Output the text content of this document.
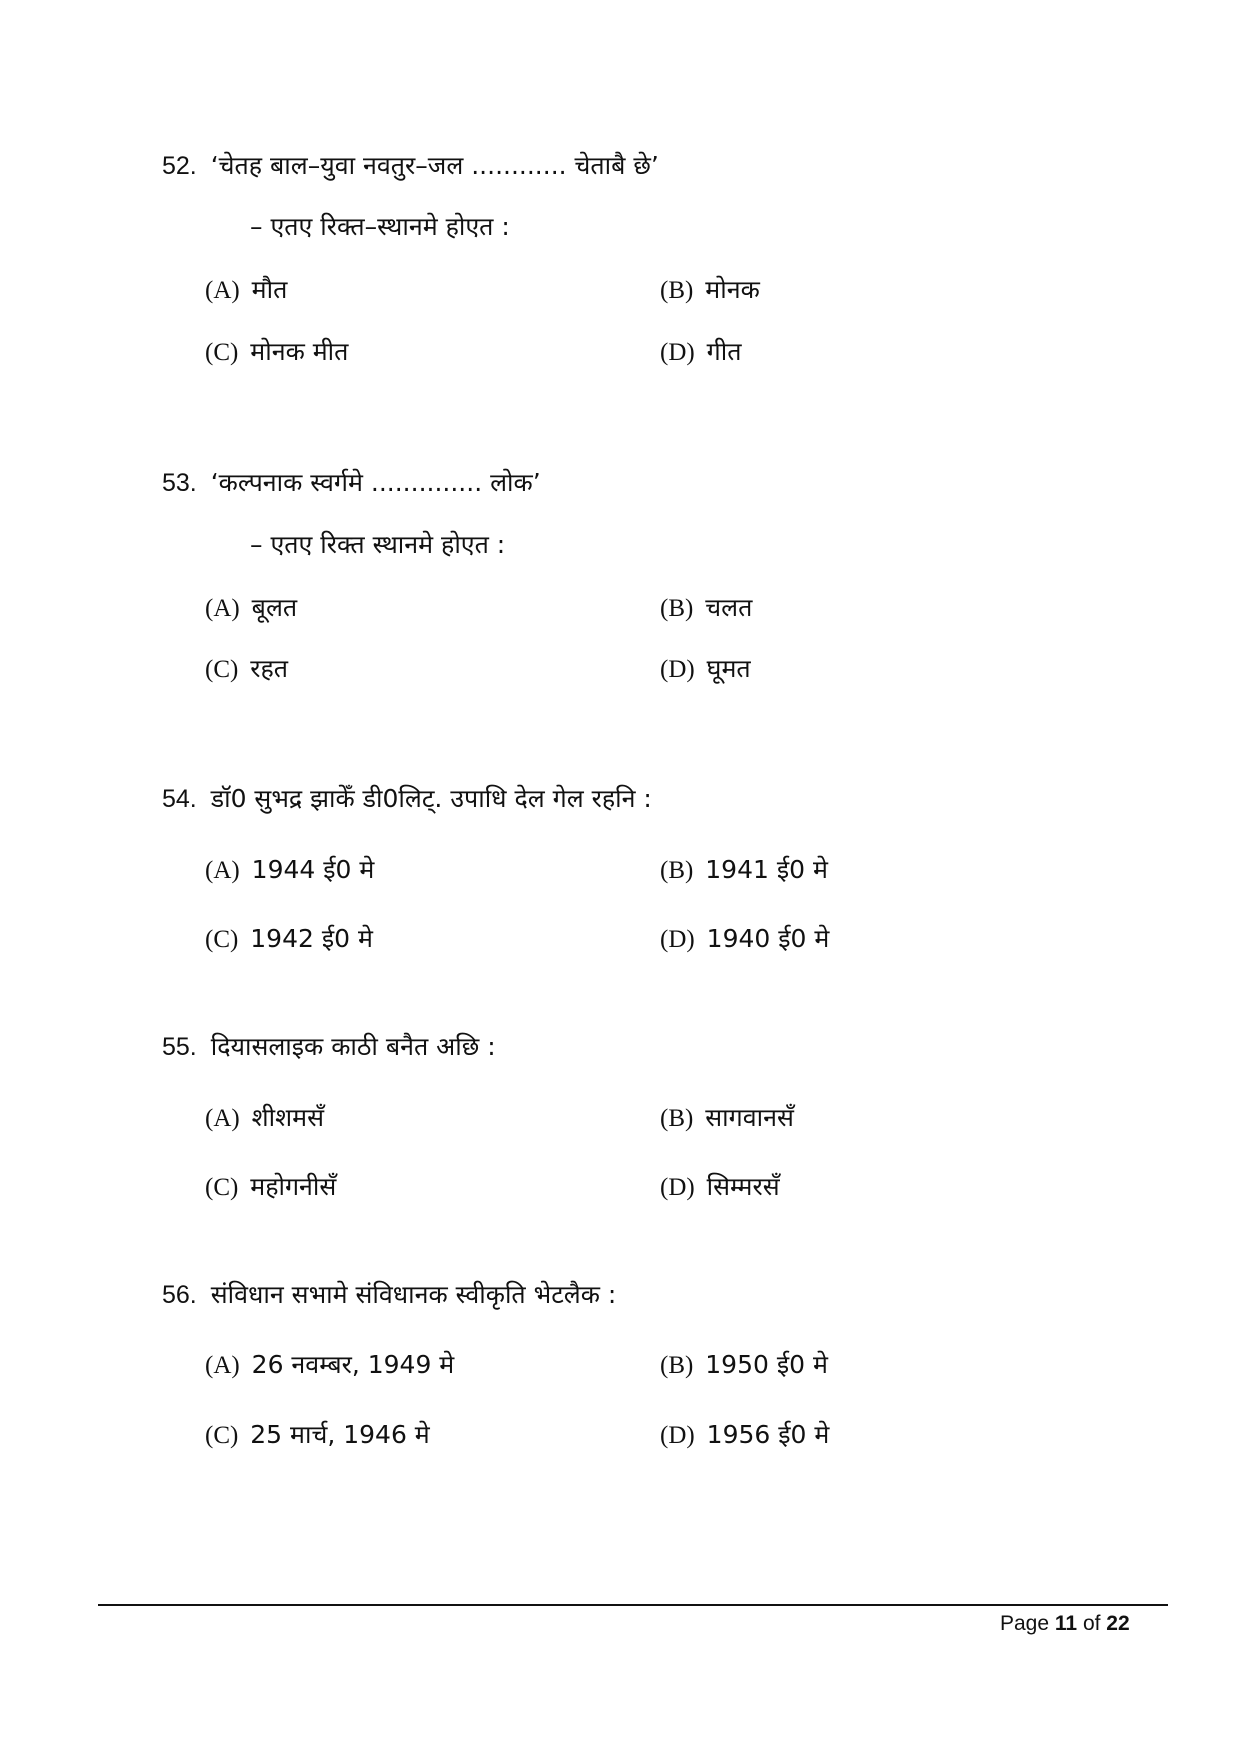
52. ‘चेतह बाल–युवा नवतुर–जल ............ चेताबै छे’
– एतए रिक्त–स्थानमे होएत :
(A) मौत	(B) मोनक
(C) मोनक मीत	(D) गीत
53. ‘कल्पनाक स्वर्गमे .............. लोक’
– एतए रिक्त स्थानमे होएत :
(A) बूलत	(B) चलत
(C) रहत	(D) घूमत
54. डॉ0 सुभद्र झाकेँ डी0लिट्. उपाधि देल गेल रहनि :
(A) 1944 ई0 मे	(B) 1941 ई0 मे
(C) 1942 ई0 मे	(D) 1940 ई0 मे
55. दियासलाइक काठी बनैत अछि :
(A) शीशमसँ	(B) सागवानसँ
(C) महोगनीसँ	(D) सिम्मरसँ
56. संविधान सभामे संविधानक स्वीकृति भेटलैक :
(A) 26 नवम्बर, 1949 मे	(B) 1950 ई0 मे
(C) 25 मार्च, 1946 मे	(D) 1956 ई0 मे
Page 11 of 22
